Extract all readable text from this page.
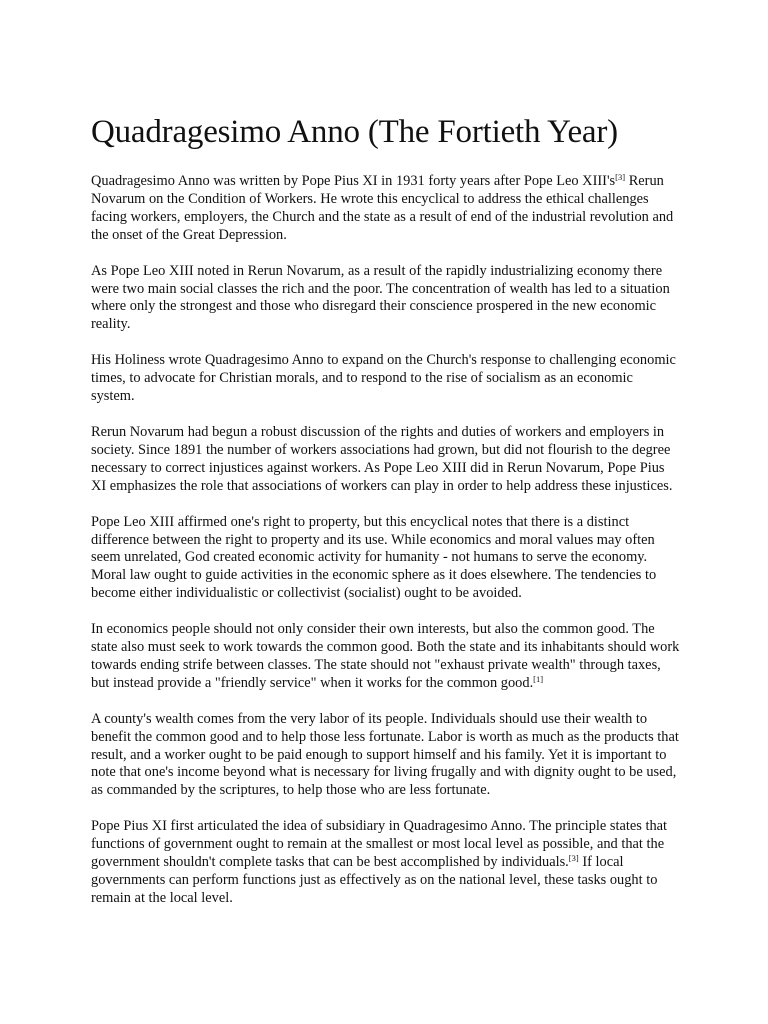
Quadragesimo Anno (The Fortieth Year)

Quadragesimo Anno was written by Pope Pius XI in 1931 forty years after Pope Leo XIII's[3] Rerun Novarum on the Condition of Workers. He wrote this encyclical to address the ethical challenges facing workers, employers, the Church and the state as a result of end of the industrial revolution and the onset of the Great Depression.

As Pope Leo XIII noted in Rerun Novarum, as a result of the rapidly industrializing economy there were two main social classes the rich and the poor. The concentration of wealth has led to a situation where only the strongest and those who disregard their conscience prospered in the new economic reality.

His Holiness wrote Quadragesimo Anno to expand on the Church's response to challenging economic times, to advocate for Christian morals, and to respond to the rise of socialism as an economic system.

Rerun Novarum had begun a robust discussion of the rights and duties of workers and employers in society. Since 1891 the number of workers associations had grown, but did not flourish to the degree necessary to correct injustices against workers. As Pope Leo XIII did in Rerun Novarum, Pope Pius XI emphasizes the role that associations of workers can play in order to help address these injustices.

Pope Leo XIII affirmed one's right to property, but this encyclical notes that there is a distinct difference between the right to property and its use. While economics and moral values may often seem unrelated, God created economic activity for humanity - not humans to serve the economy. Moral law ought to guide activities in the economic sphere as it does elsewhere. The tendencies to become either individualistic or collectivist (socialist) ought to be avoided.

In economics people should not only consider their own interests, but also the common good. The state also must seek to work towards the common good. Both the state and its inhabitants should work towards ending strife between classes. The state should not "exhaust private wealth" through taxes, but instead provide a "friendly service" when it works for the common good.[1]

A county's wealth comes from the very labor of its people. Individuals should use their wealth to benefit the common good and to help those less fortunate. Labor is worth as much as the products that result, and a worker ought to be paid enough to support himself and his family. Yet it is important to note that one's income beyond what is necessary for living frugally and with dignity ought to be used, as commanded by the scriptures, to help those who are less fortunate.

Pope Pius XI first articulated the idea of subsidiary in Quadragesimo Anno. The principle states that functions of government ought to remain at the smallest or most local level as possible, and that the government shouldn't complete tasks that can be best accomplished by individuals.[3] If local governments can perform functions just as effectively as on the national level, these tasks ought to remain at the local level.
